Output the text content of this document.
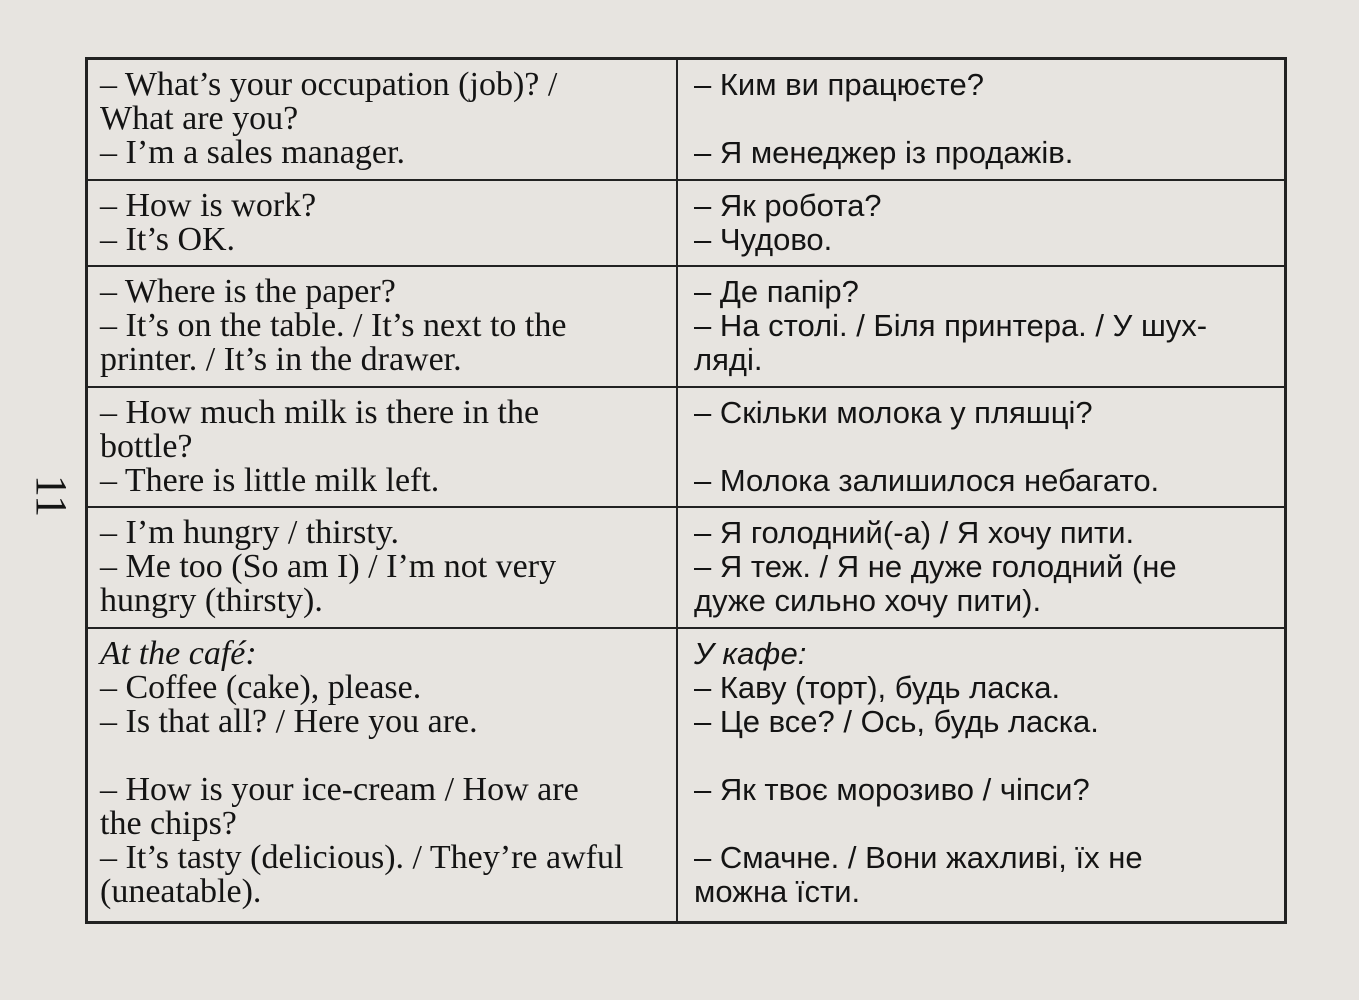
11
– What’s your occupation (job)? /
What are you?
– I’m a sales manager.
– Ким ви працюєте?
– Я менеджер із продажів.
– How is work?
– It’s OK.
– Як робота?
– Чудово.
– Where is the paper?
– It’s on the table. / It’s next to the
printer. / It’s in the drawer.
– Де папір?
– На столі. / Біля принтера. / У шух-
ляді.
– How much milk is there in the
bottle?
– There is little milk left.
– Скільки молока у пляшці?
– Молока залишилося небагато.
– I’m hungry / thirsty.
– Me too (So am I) / I’m not very
hungry (thirsty).
– Я голодний(-а) / Я хочу пити.
– Я теж. / Я не дуже голодний (не
дуже сильно хочу пити).
At the café:
– Coffee (cake), please.
– Is that all? / Here you are.
– How is your ice-cream / How are
the chips?
– It’s tasty (delicious). / They’re awful
(uneatable).
У кафе:
– Каву (торт), будь ласка.
– Це все? / Ось, будь ласка.
– Як твоє морозиво / чіпси?
– Смачне. / Вони жахливі, їх не
можна їсти.
